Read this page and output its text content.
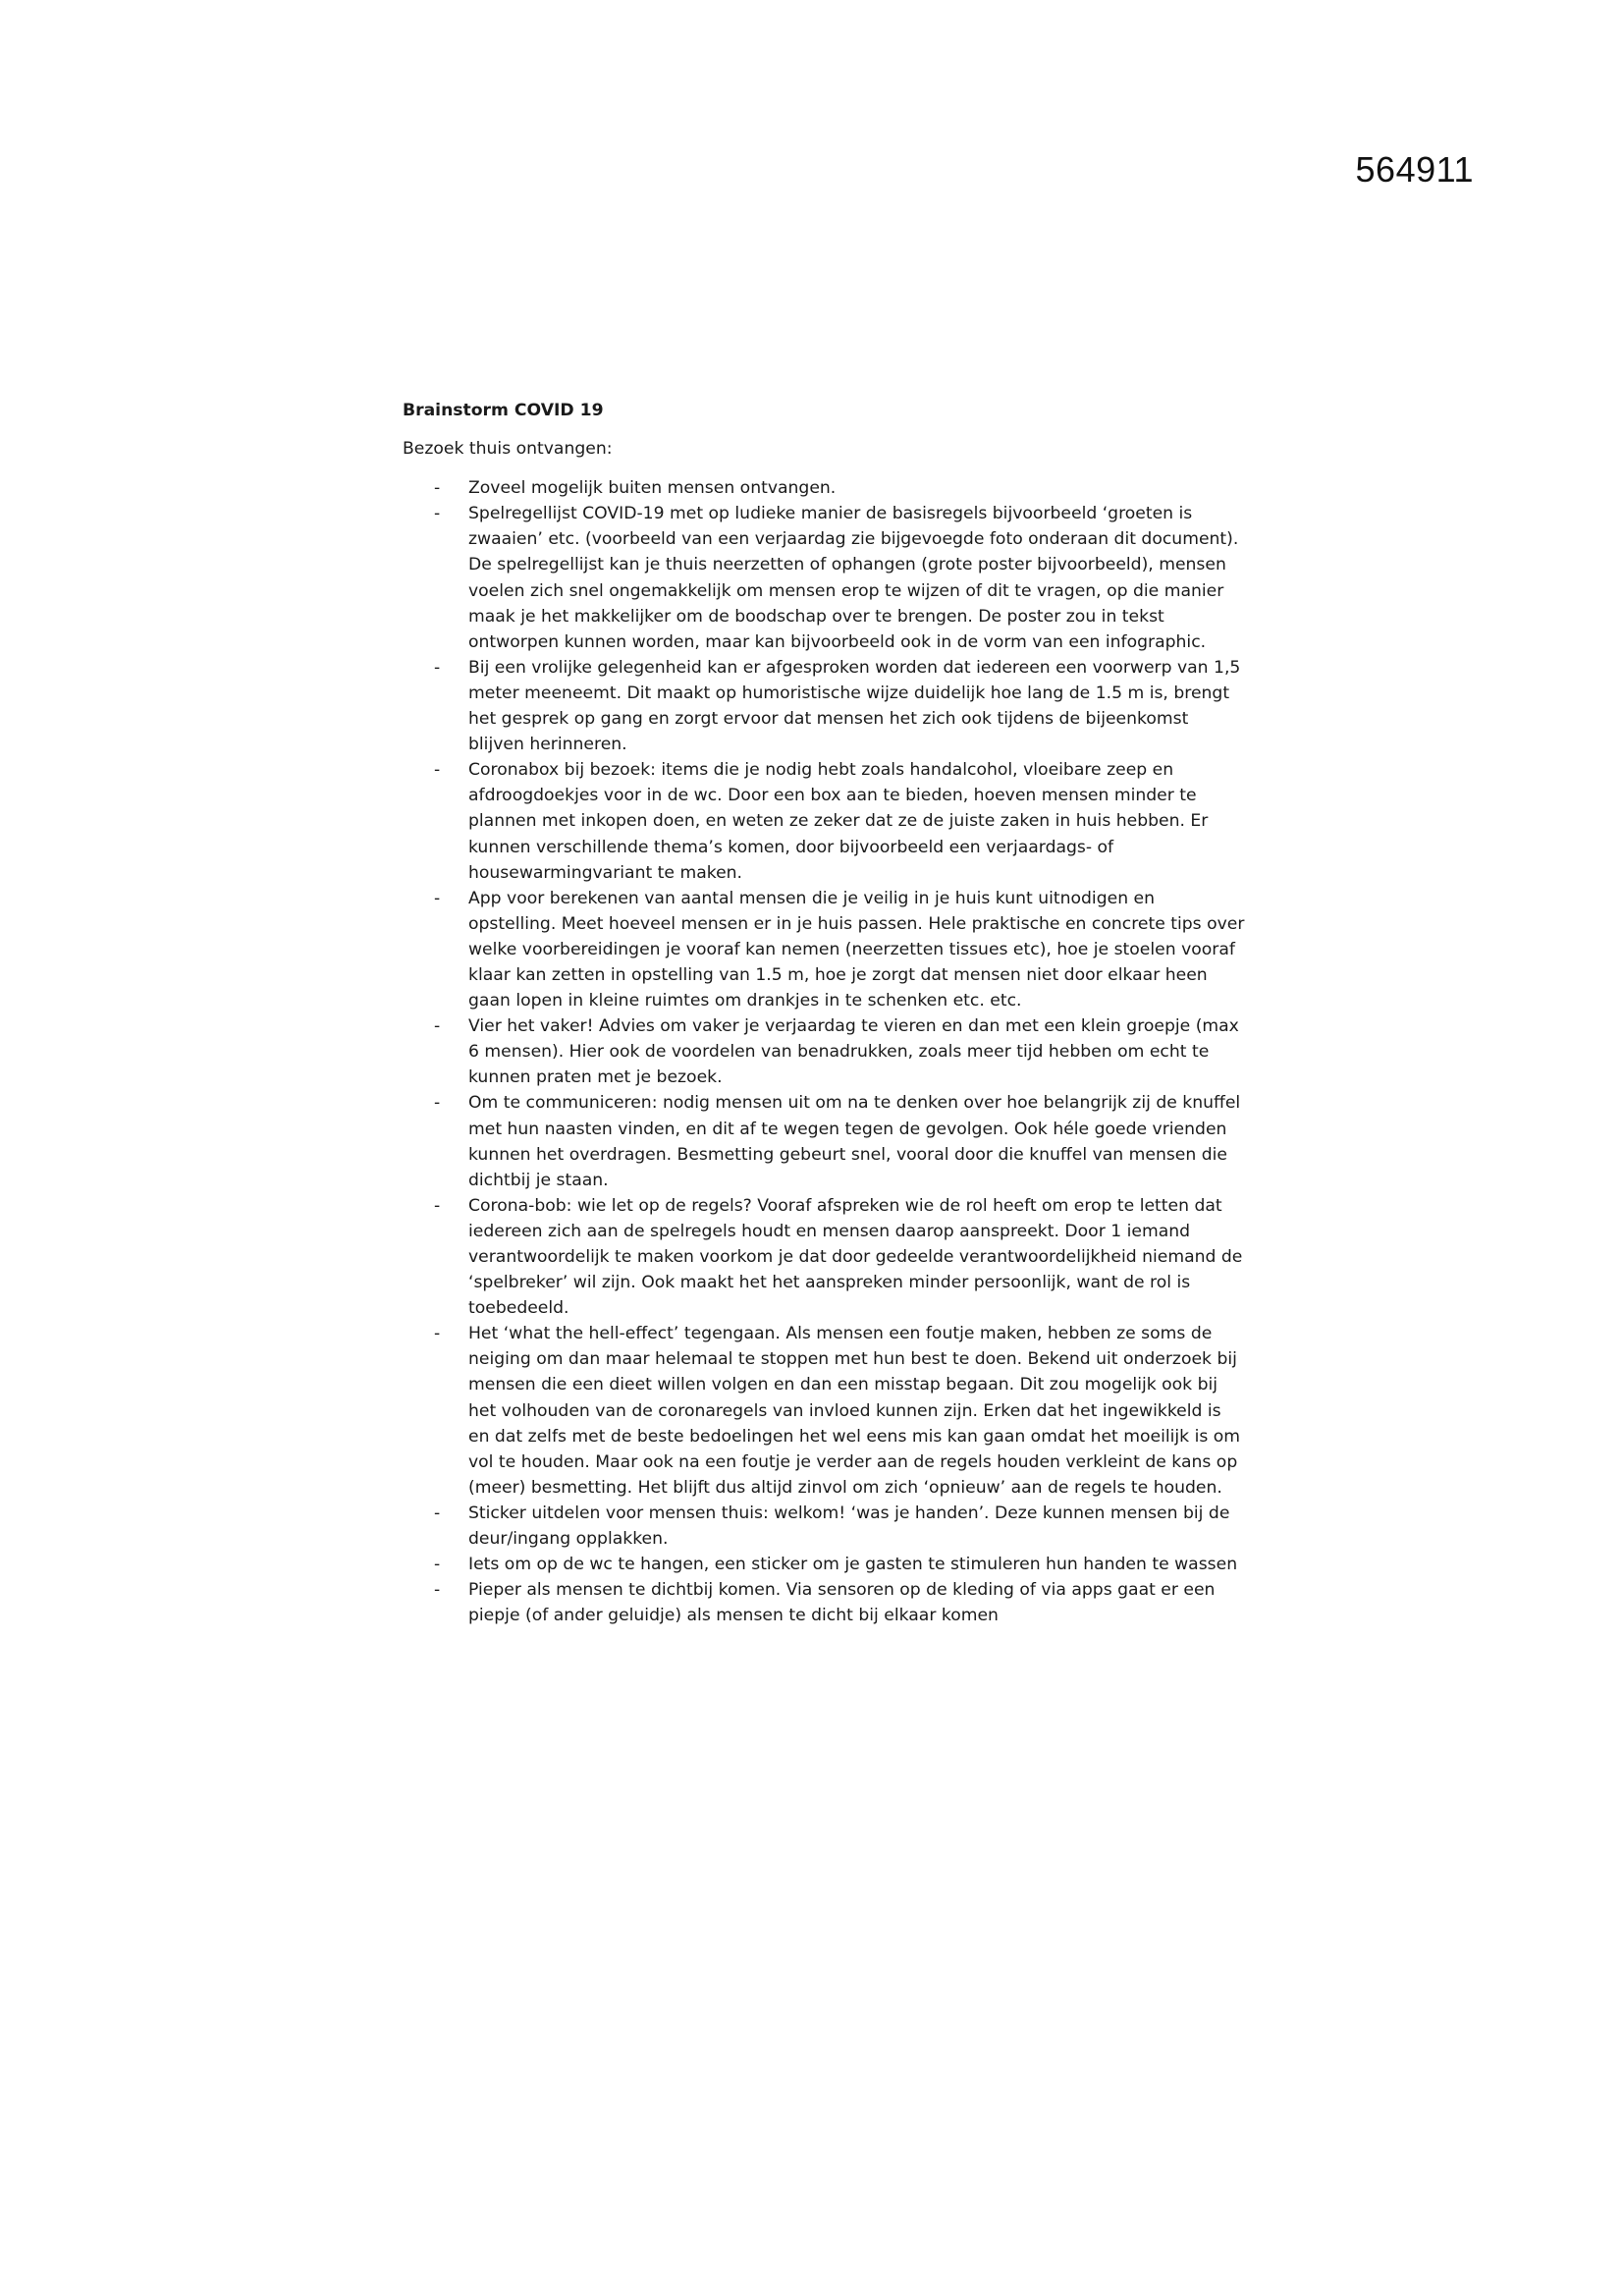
564911

Brainstorm COVID 19

Bezoek thuis ontvangen:

- Zoveel mogelijk buiten mensen ontvangen.
- Spelregellijst COVID-19 met op ludieke manier de basisregels bijvoorbeeld ‘groeten is zwaaien’ etc. (voorbeeld van een verjaardag zie bijgevoegde foto onderaan dit document). De spelregellijst kan je thuis neerzetten of ophangen (grote poster bijvoorbeeld), mensen voelen zich snel ongemakkelijk om mensen erop te wijzen of dit te vragen, op die manier maak je het makkelijker om de boodschap over te brengen. De poster zou in tekst ontworpen kunnen worden, maar kan bijvoorbeeld ook in de vorm van een infographic.
- Bij een vrolijke gelegenheid kan er afgesproken worden dat iedereen een voorwerp van 1,5 meter meeneemt. Dit maakt op humoristische wijze duidelijk hoe lang de 1.5 m is, brengt het gesprek op gang en zorgt ervoor dat mensen het zich ook tijdens de bijeenkomst blijven herinneren.
- Coronabox bij bezoek: items die je nodig hebt zoals handalcohol, vloeibare zeep en afdroogdoekjes voor in de wc. Door een box aan te bieden, hoeven mensen minder te plannen met inkopen doen, en weten ze zeker dat ze de juiste zaken in huis hebben. Er kunnen verschillende thema’s komen, door bijvoorbeeld een verjaardags- of housewarmingvariant te maken.
- App voor berekenen van aantal mensen die je veilig in je huis kunt uitnodigen en opstelling. Meet hoeveel mensen er in je huis passen. Hele praktische en concrete tips over welke voorbereidingen je vooraf kan nemen (neerzetten tissues etc), hoe je stoelen vooraf klaar kan zetten in opstelling van 1.5 m, hoe je zorgt dat mensen niet door elkaar heen gaan lopen in kleine ruimtes om drankjes in te schenken etc. etc.
- Vier het vaker! Advies om vaker je verjaardag te vieren en dan met een klein groepje (max 6 mensen). Hier ook de voordelen van benadrukken, zoals meer tijd hebben om echt te kunnen praten met je bezoek.
- Om te communiceren: nodig mensen uit om na te denken over hoe belangrijk zij de knuffel met hun naasten vinden, en dit af te wegen tegen de gevolgen. Ook héle goede vrienden kunnen het overdragen. Besmetting gebeurt snel, vooral door die knuffel van mensen die dichtbij je staan.
- Corona-bob: wie let op de regels? Vooraf afspreken wie de rol heeft om erop te letten dat iedereen zich aan de spelregels houdt en mensen daarop aanspreekt. Door 1 iemand verantwoordelijk te maken voorkom je dat door gedeelde verantwoordelijkheid niemand de ‘spelbreker’ wil zijn. Ook maakt het het aanspreken minder persoonlijk, want de rol is toebedeeld.
- Het ‘what the hell-effect’ tegengaan. Als mensen een foutje maken, hebben ze soms de neiging om dan maar helemaal te stoppen met hun best te doen. Bekend uit onderzoek bij mensen die een dieet willen volgen en dan een misstap begaan. Dit zou mogelijk ook bij het volhouden van de coronaregels van invloed kunnen zijn. Erken dat het ingewikkeld is en dat zelfs met de beste bedoelingen het wel eens mis kan gaan omdat het moeilijk is om vol te houden. Maar ook na een foutje je verder aan de regels houden verkleint de kans op (meer) besmetting. Het blijft dus altijd zinvol om zich ‘opnieuw’ aan de regels te houden.
- Sticker uitdelen voor mensen thuis: welkom! ‘was je handen’. Deze kunnen mensen bij de deur/ingang opplakken.
- Iets om op de wc te hangen, een sticker om je gasten te stimuleren hun handen te wassen
- Pieper als mensen te dichtbij komen. Via sensoren op de kleding of via apps gaat er een piepje (of ander geluidje) als mensen te dicht bij elkaar komen
